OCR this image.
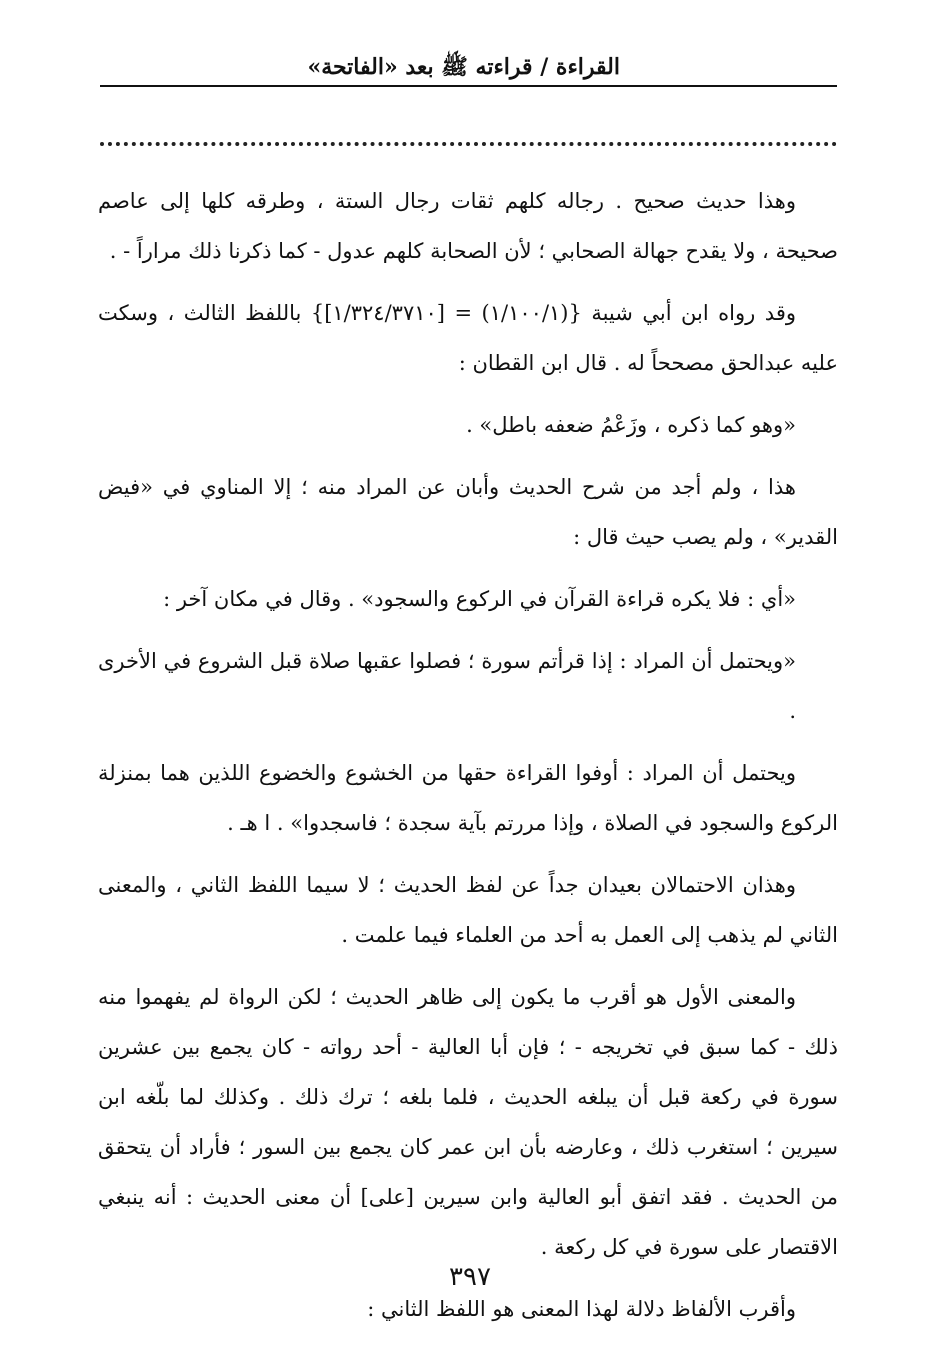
القراءة / قراءته ﷺ بعد «الفاتحة»

وهذا حديث صحيح . رجاله كلهم ثقات رجال الستة ، وطرقه كلها إلى عاصم صحيحة ، ولا يقدح جهالة الصحابي ؛ لأن الصحابة كلهم عدول - كما ذكرنا ذلك مراراً - .

وقد رواه ابن أبي شيبة {(١/١٠٠/١) = [١/٣٢٤/٣٧١٠]} باللفظ الثالث ، وسكت عليه عبدالحق مصححاً له . قال ابن القطان :

«وهو كما ذكره ، وزَعْمُ ضعفه باطل» .

هذا ، ولم أجد من شرح الحديث وأبان عن المراد منه ؛ إلا المناوي في «فيض القدير» ، ولم يصب حيث قال :

«أي : فلا يكره قراءة القرآن في الركوع والسجود» . وقال في مكان آخر :

«ويحتمل أن المراد : إذا قرأتم سورة ؛ فصلوا عقبها صلاة قبل الشروع في الأخرى .

ويحتمل أن المراد : أوفوا القراءة حقها من الخشوع والخضوع اللذين هما بمنزلة الركوع والسجود في الصلاة ، وإذا مررتم بآية سجدة ؛ فاسجدوا» . ا هـ .

وهذان الاحتمالان بعيدان جداً عن لفظ الحديث ؛ لا سيما اللفظ الثاني ، والمعنى الثاني لم يذهب إلى العمل به أحد من العلماء فيما علمت .

والمعنى الأول هو أقرب ما يكون إلى ظاهر الحديث ؛ لكن الرواة لم يفهموا منه ذلك - كما سبق في تخريجه - ؛ فإن أبا العالية - أحد رواته - كان يجمع بين عشرين سورة في ركعة قبل أن يبلغه الحديث ، فلما بلغه ؛ ترك ذلك . وكذلك لما بلّغه ابن سيرين ؛ استغرب ذلك ، وعارضه بأن ابن عمر كان يجمع بين السور ؛ فأراد أن يتحقق من الحديث . فقد اتفق أبو العالية وابن سيرين [على] أن معنى الحديث : أنه ينبغي الاقتصار على سورة في كل ركعة .

وأقرب الألفاظ دلالة لهذا المعنى هو اللفظ الثاني :

٣٩٧
